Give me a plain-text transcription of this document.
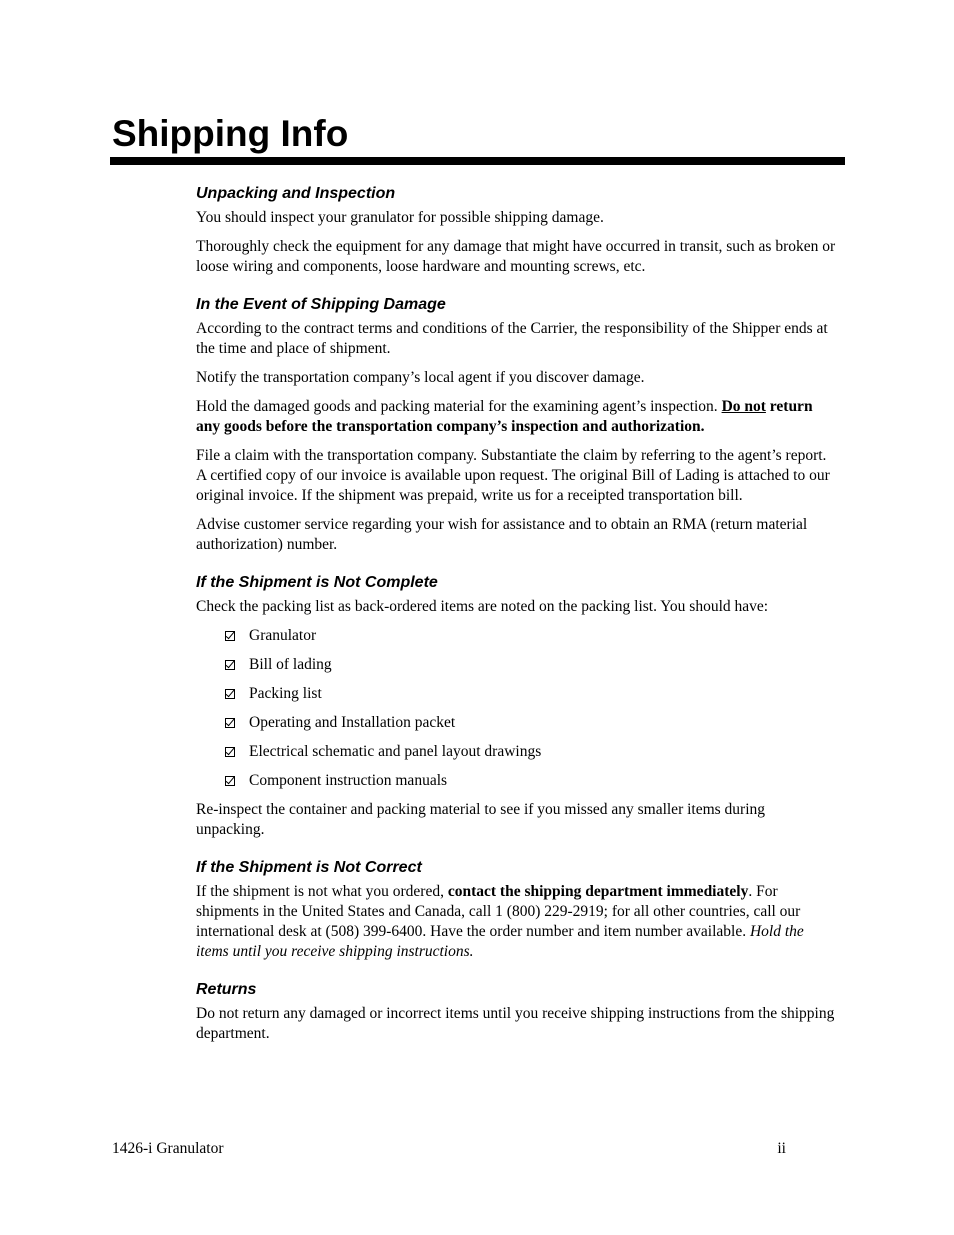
Shipping Info
Unpacking and Inspection

You should inspect your granulator for possible shipping damage.

Thoroughly check the equipment for any damage that might have occurred in transit, such as broken or loose wiring and components, loose hardware and mounting screws, etc.

In the Event of Shipping Damage

According to the contract terms and conditions of the Carrier, the responsibility of the Shipper ends at the time and place of shipment.

Notify the transportation company’s local agent if you discover damage.

Hold the damaged goods and packing material for the examining agent’s inspection. Do not return any goods before the transportation company’s inspection and authorization.

File a claim with the transportation company. Substantiate the claim by referring to the agent’s report. A certified copy of our invoice is available upon request. The original Bill of Lading is attached to our original invoice. If the shipment was prepaid, write us for a receipted transportation bill.

Advise customer service regarding your wish for assistance and to obtain an RMA (return material authorization) number.

If the Shipment is Not Complete

Check the packing list as back-ordered items are noted on the packing list. You should have:

Granulator
Bill of lading
Packing list
Operating and Installation packet
Electrical schematic and panel layout drawings
Component instruction manuals

Re-inspect the container and packing material to see if you missed any smaller items during unpacking.

If the Shipment is Not Correct

If the shipment is not what you ordered, contact the shipping department immediately. For shipments in the United States and Canada, call 1 (800) 229-2919; for all other countries, call our international desk at (508) 399-6400. Have the order number and item number available. Hold the items until you receive shipping instructions.

Returns

Do not return any damaged or incorrect items until you receive shipping instructions from the shipping department.

1426-i Granulator	ii
